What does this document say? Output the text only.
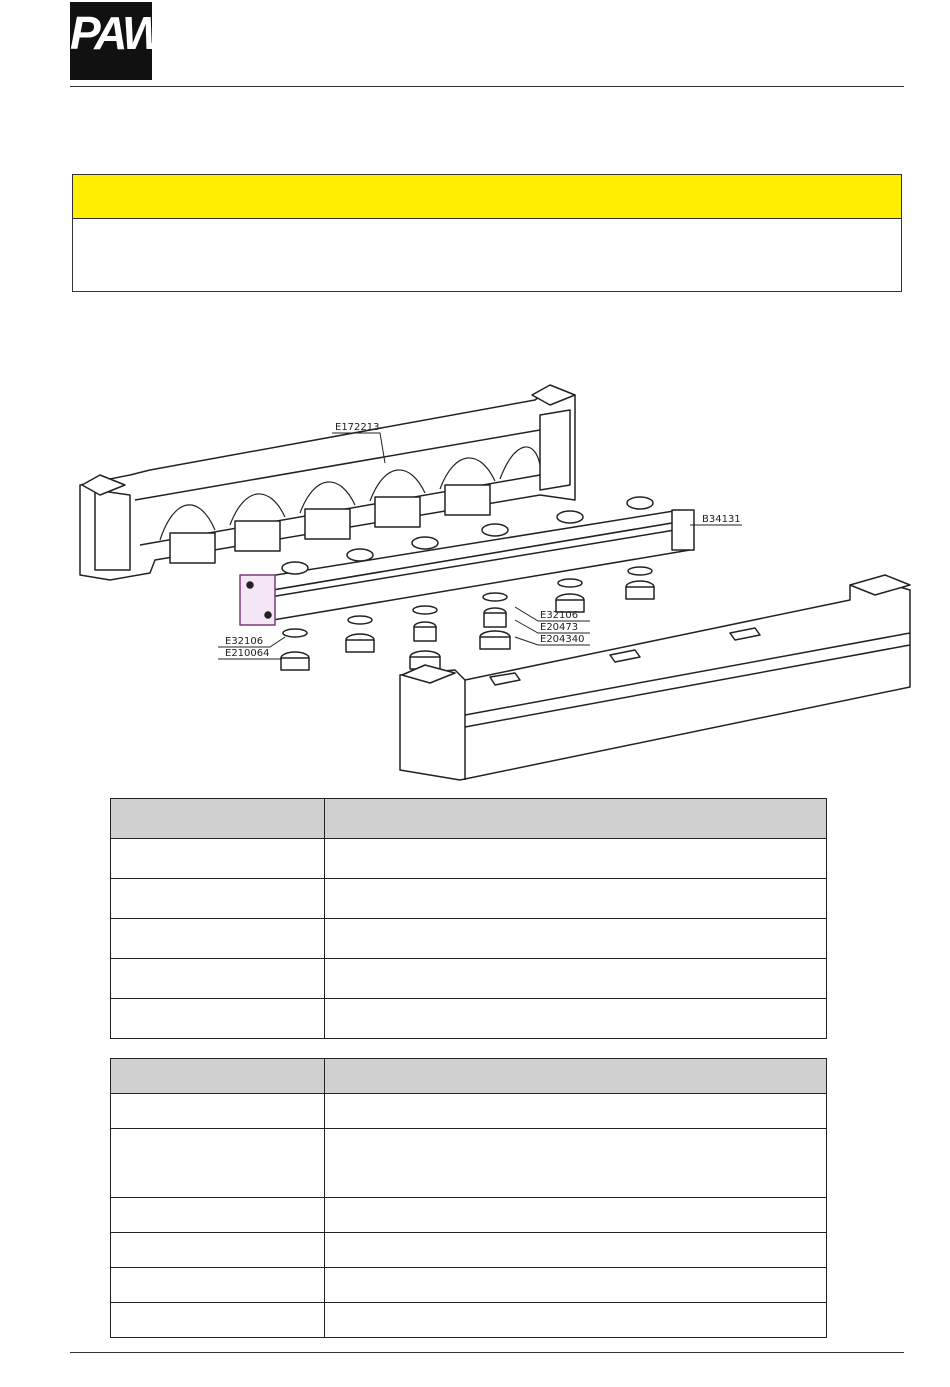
PAW
E172213
B34131
E32106
E20473
E204340
E32106
E210064
